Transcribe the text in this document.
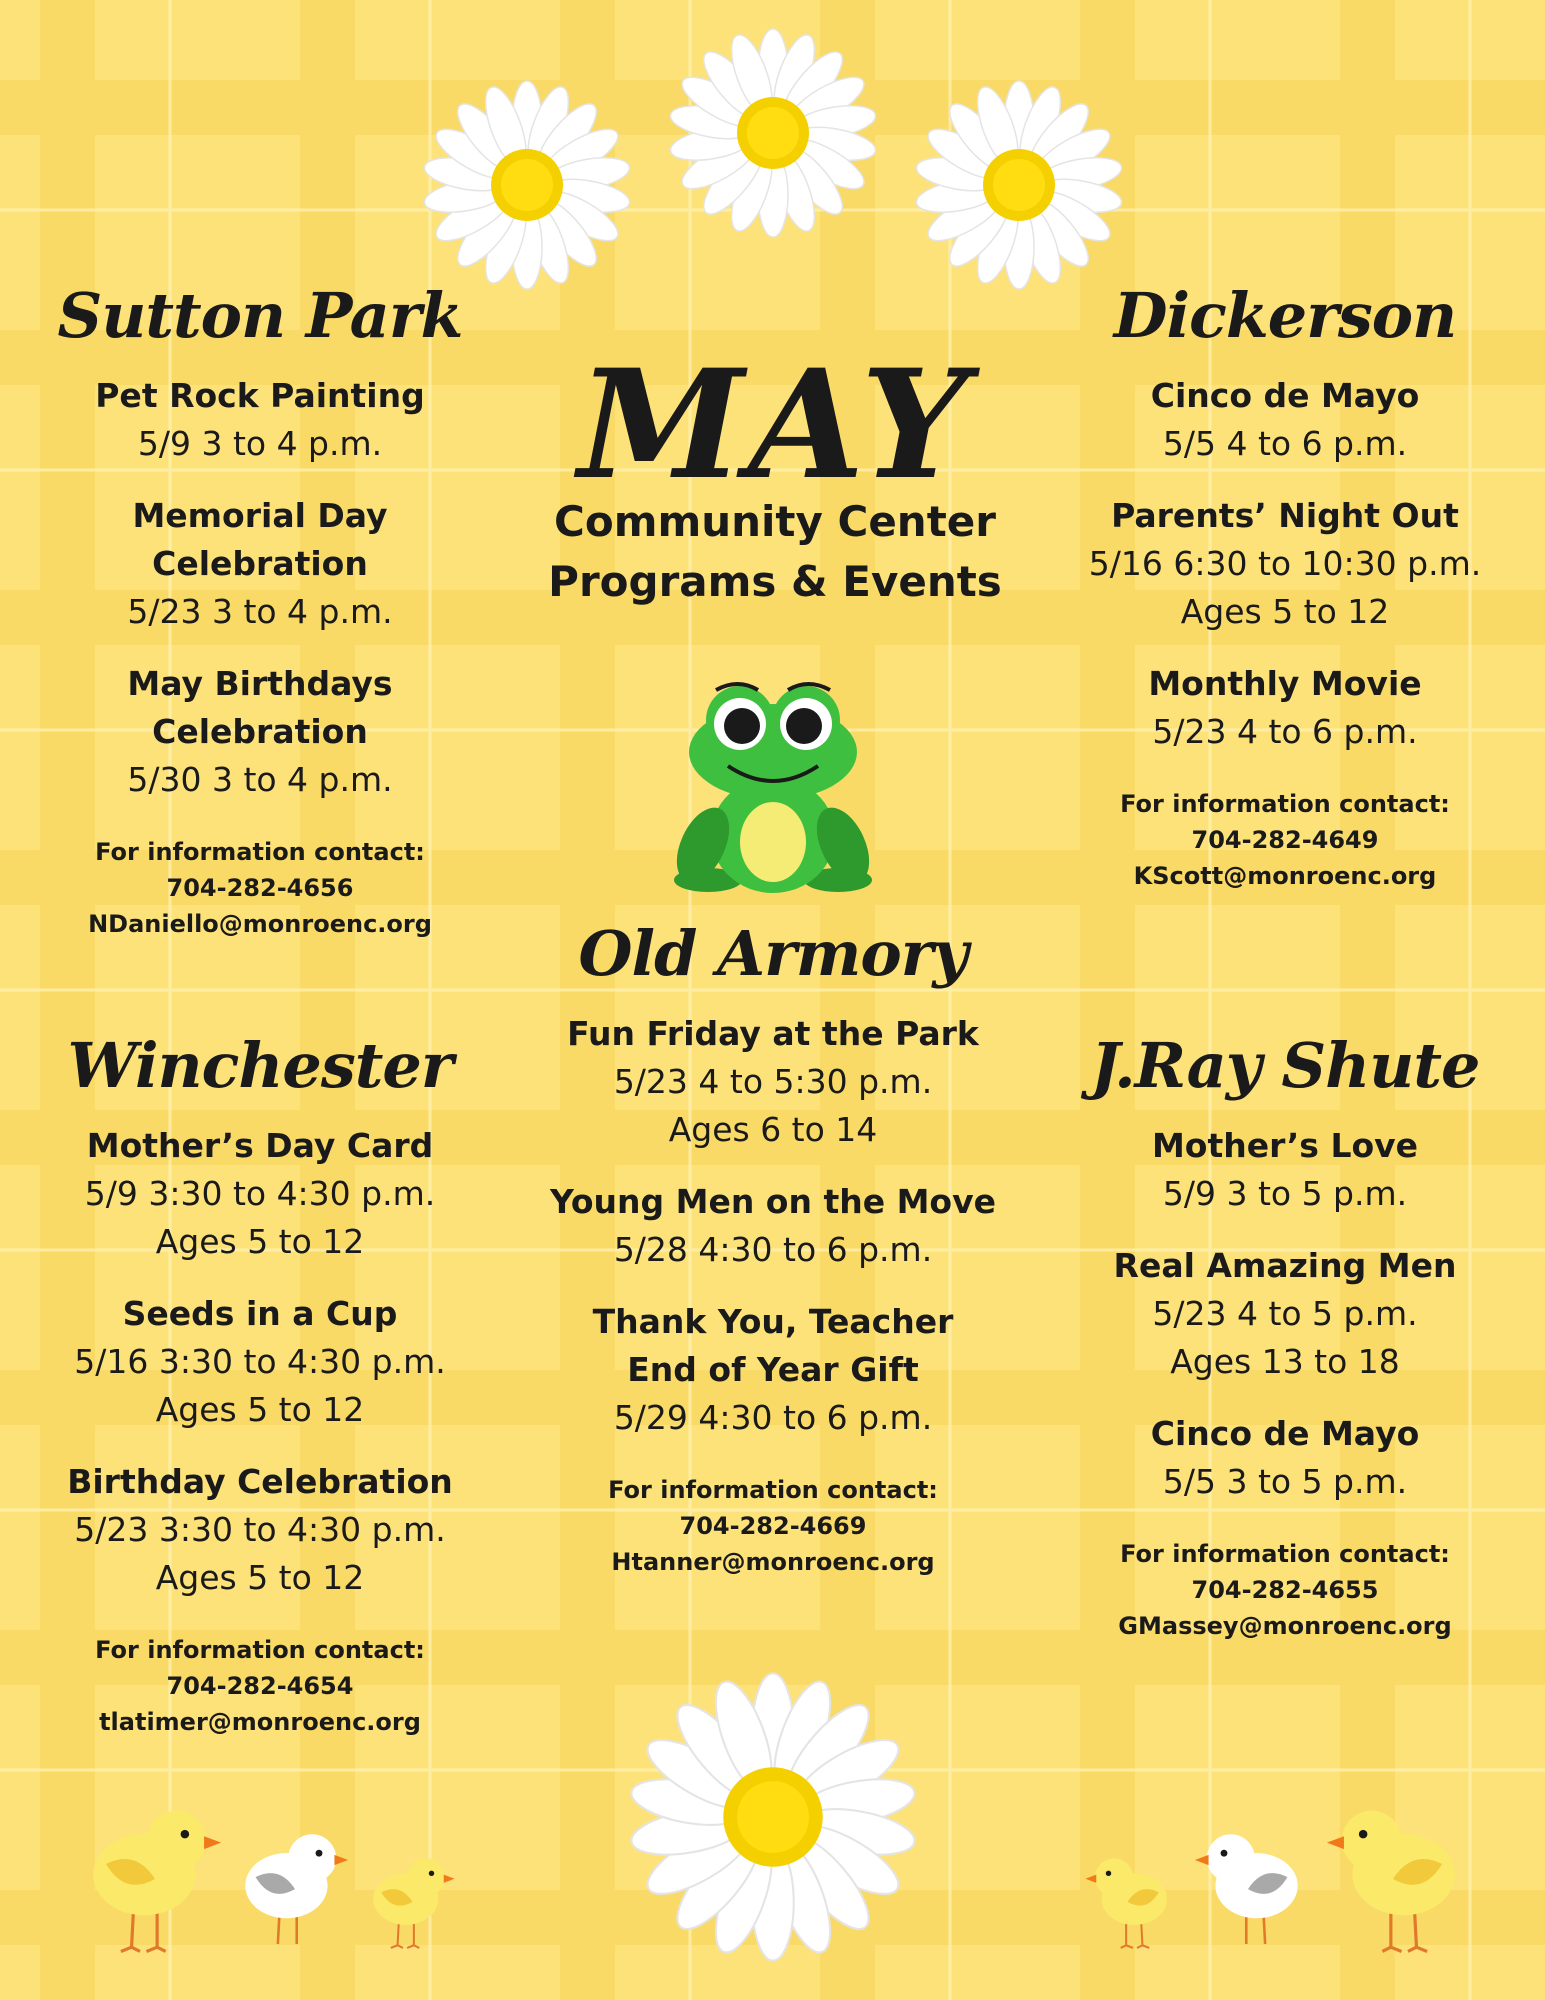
MAY
Community Center
Programs & Events
Sutton Park
Pet Rock Painting
5/9 3 to 4 p.m.
Memorial Day
Celebration
5/23 3 to 4 p.m.
May Birthdays
Celebration
5/30 3 to 4 p.m.
For information contact:
704-282-4656
NDaniello@monroenc.org
Dickerson
Cinco de Mayo
5/5 4 to 6 p.m.
Parents’ Night Out
5/16 6:30 to 10:30 p.m.
Ages 5 to 12
Monthly Movie
5/23 4 to 6 p.m.
For information contact:
704-282-4649
KScott@monroenc.org
Old Armory
Fun Friday at the Park
5/23 4 to 5:30 p.m.
Ages 6 to 14
Young Men on the Move
5/28 4:30 to 6 p.m.
Thank You, Teacher
End of Year Gift
5/29 4:30 to 6 p.m.
For information contact:
704-282-4669
Htanner@monroenc.org
Winchester
Mother’s Day Card
5/9 3:30 to 4:30 p.m.
Ages 5 to 12
Seeds in a Cup
5/16 3:30 to 4:30 p.m.
Ages 5 to 12
Birthday Celebration
5/23 3:30 to 4:30 p.m.
Ages 5 to 12
For information contact:
704-282-4654
tlatimer@monroenc.org
J.Ray Shute
Mother’s Love
5/9 3 to 5 p.m.
Real Amazing Men
5/23 4 to 5 p.m.
Ages 13 to 18
Cinco de Mayo
5/5 3 to 5 p.m.
For information contact:
704-282-4655
GMassey@monroenc.org
